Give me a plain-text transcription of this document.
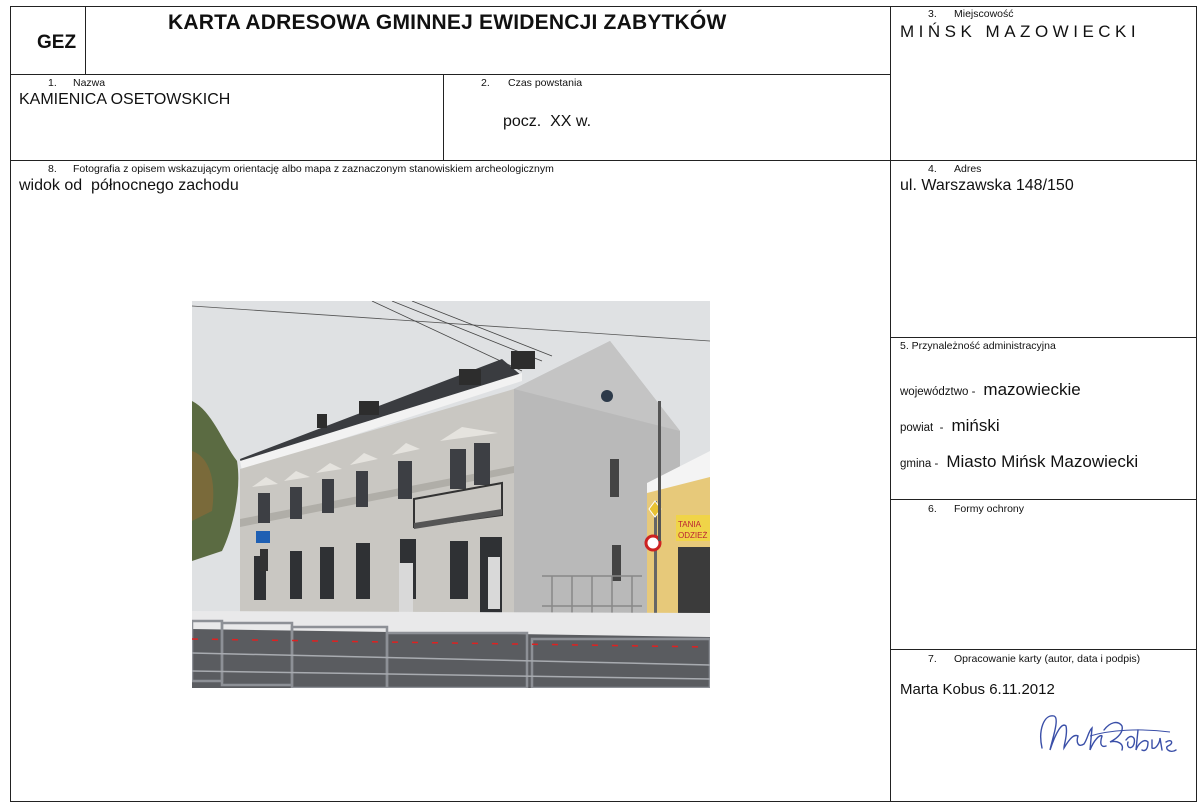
GEZ
KARTA ADRESOWA GMINNEJ EWIDENCJI ZABYTKÓW	3. Miejscowość
MIŃSK MAZOWIECKI
1. Nazwa
KAMIENICA OSETOWSKICH
2. Czas powstania
pocz.  XX w.
8. Fotografia z opisem wskazującym orientację albo mapa z zaznaczonym stanowiskiem archeologicznym
widok od  północnego zachodu
4. Adres
ul. Warszawska 148/150
5. Przynależność administracyjna
województwo - mazowieckie
powiat  - miński
gmina - Miasto Mińsk Mazowiecki
6. Formy ochrony
7. Opracowanie karty (autor, data i podpis)
Marta Kobus 6.11.2012
TANIA
ODZIEŻ
